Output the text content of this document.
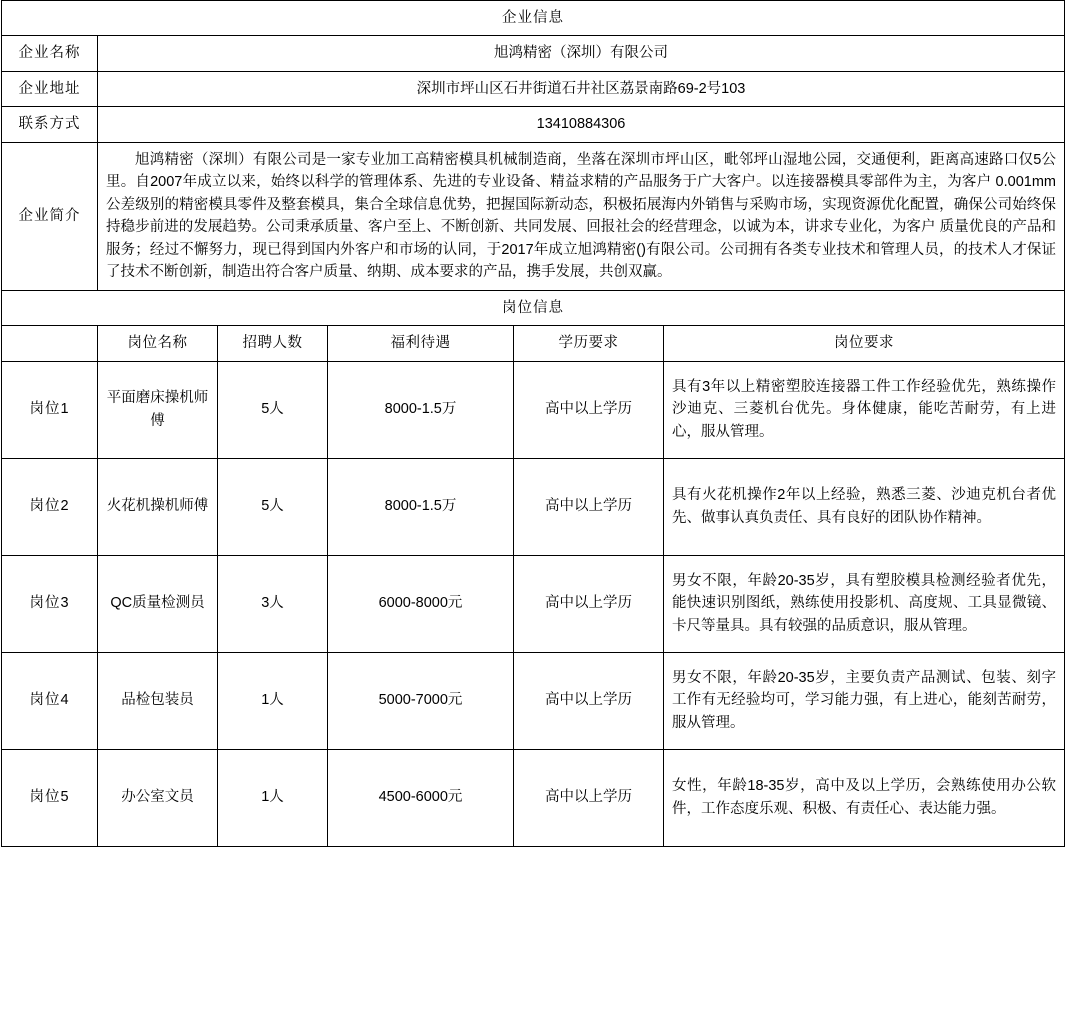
企业信息					
企业名称	旭鸿精密（深圳）有限公司				
企业地址	深圳市坪山区石井街道石井社区荔景南路69-2号103				
联系方式	13410884306				
企业简介	旭鸿精密（深圳）有限公司是一家专业加工高精密模具机械制造商，坐落在深圳市坪山区，毗邻坪山湿地公园，交通便利，距离高速路口仅5公里。自2007年成立以来，始终以科学的管理体系、先进的专业设备、精益求精的产品服务于广大客户。以连接器模具零部件为主，为客户 0.001mm公差级别的精密模具零件及整套模具，集合全球信息优势，把握国际新动态，积极拓展海内外销售与采购市场，实现资源优化配置，确保公司始终保持稳步前进的发展趋势。公司秉承质量、客户至上、不断创新、共同发展、回报社会的经营理念，以诚为本，讲求专业化，为客户 质量优良的产品和服务；经过不懈努力，现已得到国内外客户和市场的认同，于2017年成立旭鸿精密()有限公司。公司拥有各类专业技术和管理人员，的技术人才保证了技术不断创新，制造出符合客户质量、纳期、成本要求的产品，携手发展，共创双赢。				

岗位信息					
	岗位名称	招聘人数	福利待遇	学历要求	岗位要求
岗位1	平面磨床操机师傅	5人	8000-1.5万	高中以上学历	具有3年以上精密塑胶连接器工件工作经验优先，熟练操作沙迪克、三菱机台优先。身体健康，能吃苦耐劳，有上进心，服从管理。
岗位2	火花机操机师傅	5人	8000-1.5万	高中以上学历	具有火花机操作2年以上经验，熟悉三菱、沙迪克机台者优先、做事认真负责任、具有良好的团队协作精神。
岗位3	QC质量检测员	3人	6000-8000元	高中以上学历	男女不限，年龄20-35岁，具有塑胶模具检测经验者优先，能快速识别图纸，熟练使用投影机、高度规、工具显微镜、卡尺等量具。具有较强的品质意识，服从管理。
岗位4	品检包装员	1人	5000-7000元	高中以上学历	男女不限，年龄20-35岁，主要负责产品测试、包装、刻字工作有无经验均可，学习能力强，有上进心，能刻苦耐劳，服从管理。
岗位5	办公室文员	1人	4500-6000元	高中以上学历	女性，年龄18-35岁，高中及以上学历，会熟练使用办公软件，工作态度乐观、积极、有责任心、表达能力强。
